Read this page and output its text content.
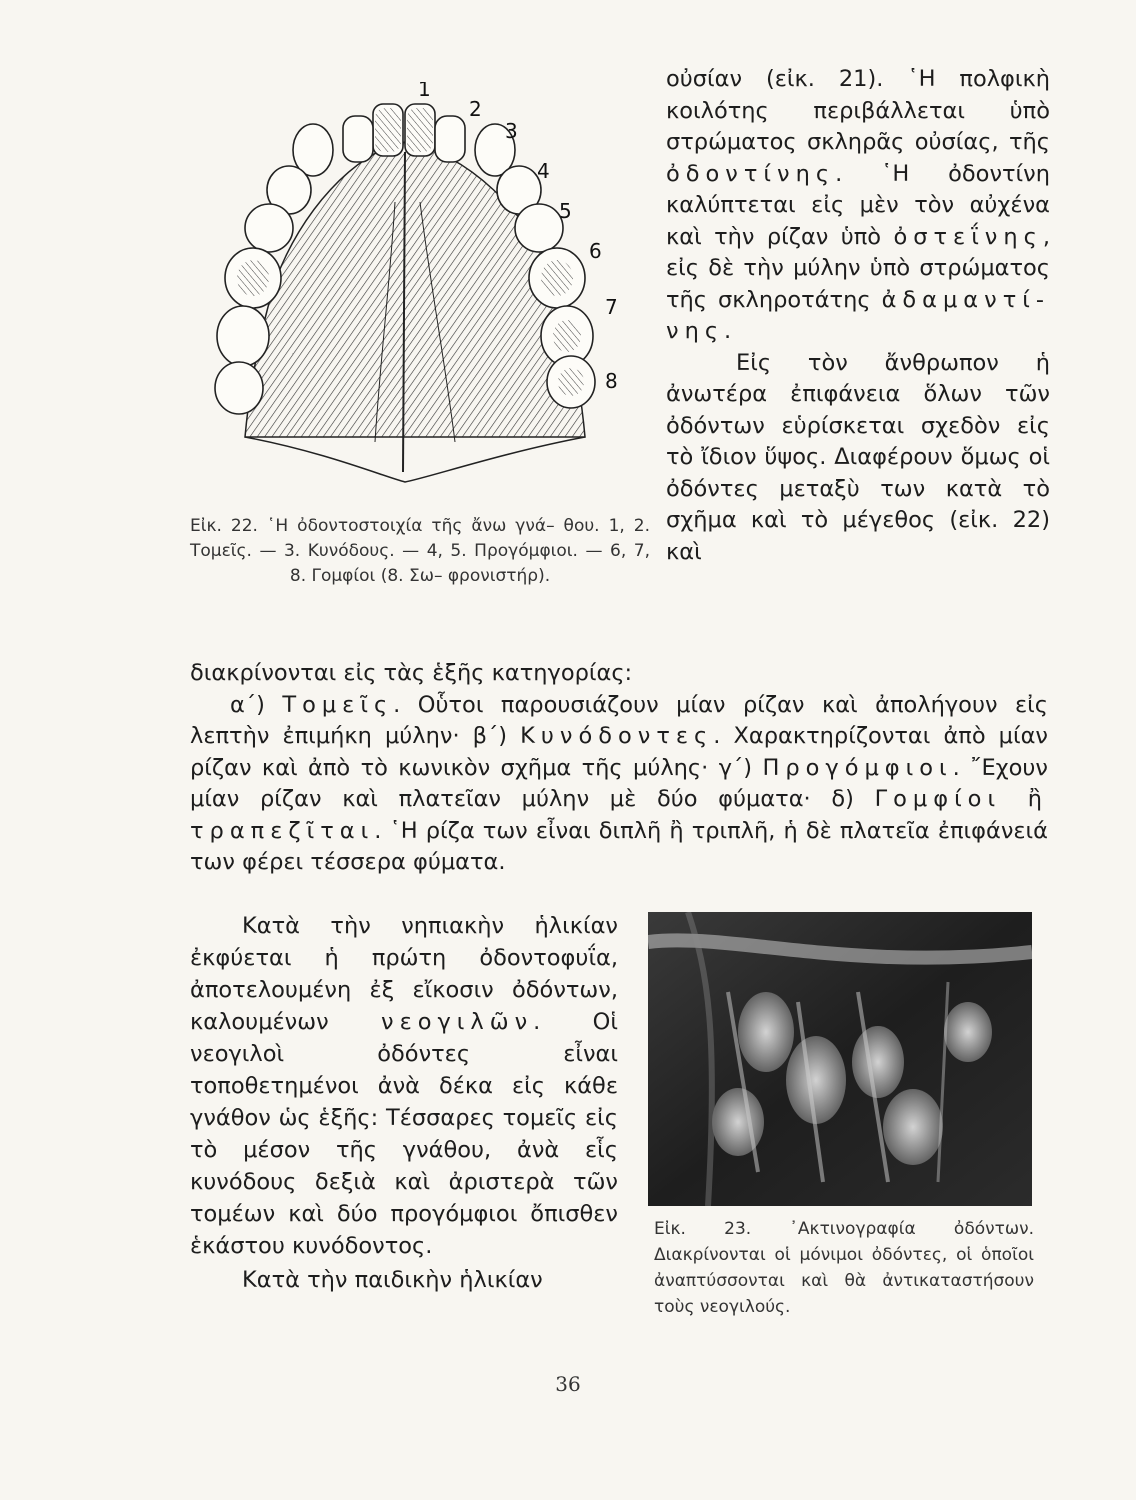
1
2
3
4
5
6
7
8
Εἰκ. 22. ῾Η ὀδοντοστοιχία τῆς ἄνω γνά– θου. 1, 2. Τομεῖς. — 3. Κυνόδους. — 4, 5. Προγόμφιοι. — 6, 7, 8. Γομφίοι (8. Σω– φρονιστήρ).

οὐσίαν (εἰκ. 21). ῾Η πολφικὴ κοιλότης περιβάλλεται ὑπὸ στρώματος σκληρᾶς οὐσίας, τῆς ὀδοντίνης. ῾Η ὀδοντίνη καλύπτεται εἰς μὲν τὸν αὐχένα καὶ τὴν ρίζαν ὑπὸ ὀστεΐνης, εἰς δὲ τὴν μύλην ὑπὸ στρώματος τῆς σκληροτάτης ἀδαμαντί- νης.

Εἰς τὸν ἄνθρωπον ἡ ἀνωτέρα ἐπιφάνεια ὅλων τῶν ὀδόντων εὑρίσκεται σχεδὸν εἰς τὸ ἴδιον ὕψος. Διαφέρουν ὅμως οἱ ὀδόντες μεταξὺ των κατὰ τὸ σχῆμα καὶ τὸ μέγεθος (εἰκ. 22) καὶ

διακρίνονται εἰς τὰς ἑξῆς κατηγορίας:

α΄) Τομεῖς. Οὗτοι παρουσιάζουν μίαν ρίζαν καὶ ἀπολήγουν εἰς λεπτὴν ἐπιμήκη μύλην· β΄) Κυνόδοντες. Χαρακτηρίζονται ἀπὸ μίαν ρίζαν καὶ ἀπὸ τὸ κωνικὸν σχῆμα τῆς μύλης· γ΄) Προγόμφιοι. ῎Εχουν μίαν ρίζαν καὶ πλατεῖαν μύλην μὲ δύο φύματα· δ) Γομφίοι ἢ τραπεζῖται. ῾Η ρίζα των εἶναι διπλῆ ἢ τριπλῆ, ἡ δὲ πλατεῖα ἐπιφάνειά των φέρει τέσσερα φύματα.

Κατὰ τὴν νηπιακὴν ἡλικίαν ἐκφύεται ἡ πρώτη ὀδοντοφυΐα, ἀποτελουμένη ἐξ εἴκοσιν ὀδόντων, καλουμένων νεογιλῶν. Οἱ νεογιλοὶ ὀδόντες εἶναι τοποθετημένοι ἀνὰ δέκα εἰς κάθε γνάθον ὡς ἑξῆς: Τέσσαρες τομεῖς εἰς τὸ μέσον τῆς γνάθου, ἀνὰ εἷς κυνόδους δεξιὰ καὶ ἀριστερὰ τῶν τομέων καὶ δύο προγόμφιοι ὄπισθεν ἑκάστου κυνόδοντος.

Κατὰ τὴν παιδικὴν ἡλικίαν

Εἰκ. 23. ᾿Ακτινογραφία ὀδόντων. Διακρίνονται οἱ μόνιμοι ὀδόντες, οἱ ὁποῖοι ἀναπτύσσονται καὶ θὰ ἀντικαταστήσουν τοὺς νεογιλούς.
36
